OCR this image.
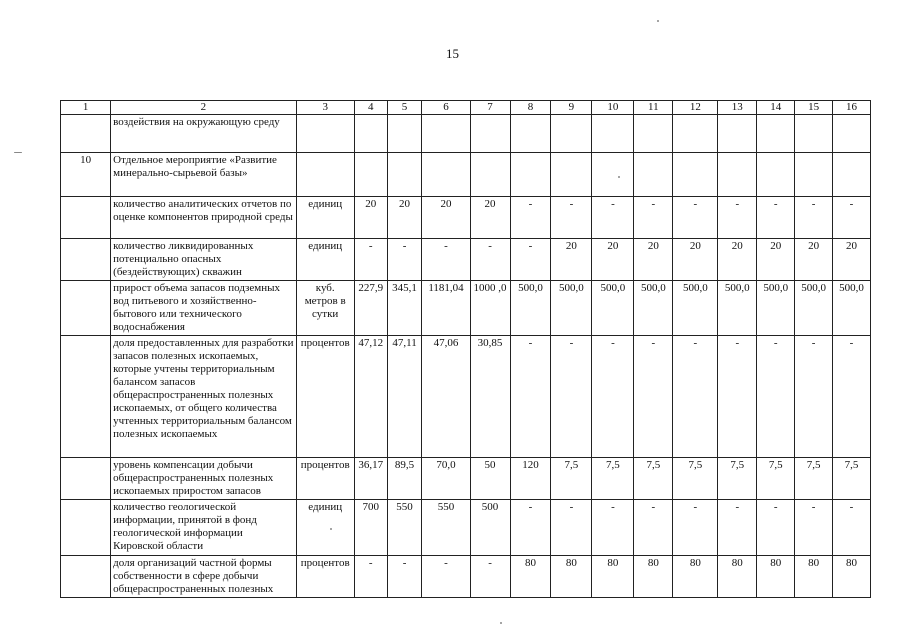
15
1	2	3	4	5	6	7	8	9	10	11	12	13	14	15	16
	воздействия на окружающую среду														
10	Отдельное мероприятие «Развитие минерально-сырьевой базы»														
	количество аналитических отчетов по оценке компонентов природной среды	единиц	20	20	20	20	-	-	-	-	-	-	-	-	-
	количество ликвидированных потенциально опасных (бездействующих) скважин	единиц	-	-	-	-	-	20	20	20	20	20	20	20	20
	прирост объема запасов подземных вод питьевого и хозяйственно-бытового или технического водоснабжения	куб. метров в сутки	227,9	345,1	1181,04	1000 ,0	500,0	500,0	500,0	500,0	500,0	500,0	500,0	500,0	500,0
	доля предоставленных для разработки запасов полезных ископаемых, которые учтены территориальным балансом запасов общераспространенных полезных ископаемых, от общего количества учтенных территориальным балансом полезных ископаемых	процентов	47,12	47,11	47,06	30,85	-	-	-	-	-	-	-	-	-
	уровень компенсации добычи общераспространенных полезных ископаемых приростом запасов	процентов	36,17	89,5	70,0	50	120	7,5	7,5	7,5	7,5	7,5	7,5	7,5	7,5
	количество геологической информации, принятой в фонд геологической информации Кировской области	единиц	700	550	550	500	-	-	-	-	-	-	-	-	-
	доля организаций частной формы собственности в сфере добычи общераспространенных полезных	процентов	-	-	-	-	80	80	80	80	80	80	80	80	80
